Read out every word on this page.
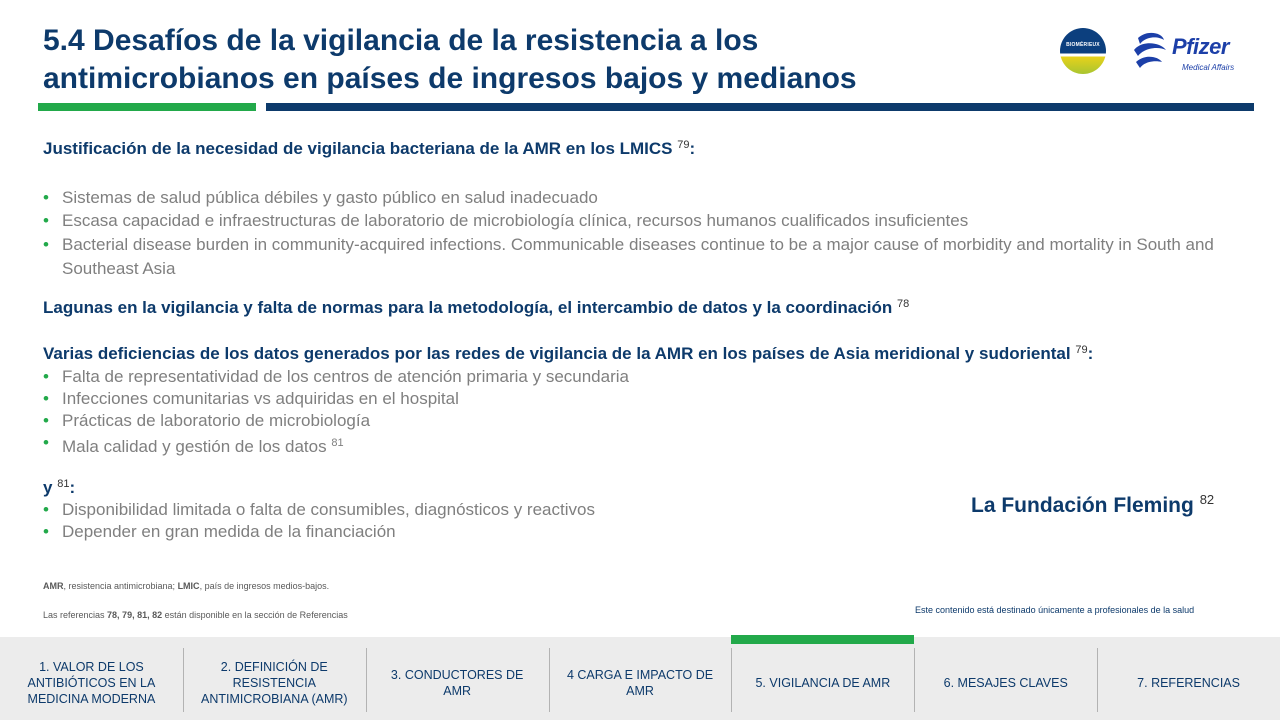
5.4 Desafíos de la vigilancia de la resistencia a los antimicrobianos en países de ingresos bajos y medianos
BIOMÉRIEUX	Pfizer
Medical Affairs
Justificación de la necesidad de vigilancia bacteriana de la AMR en los LMICS $^{79}$:
• Sistemas de salud pública débiles y gasto público en salud inadecuado
• Escasa capacidad e infraestructuras de laboratorio de microbiología clínica, recursos humanos cualificados insuficientes
• Bacterial disease burden in community-acquired infections. Communicable diseases continue to be a major cause of morbidity and mortality in South and Southeast Asia
Lagunas en la vigilancia y falta de normas para la metodología, el intercambio de datos y la coordinación $^{78}$
Varias deficiencias de los datos generados por las redes de vigilancia de la AMR en los países de Asia meridional y sudoriental $^{79}$:
• Falta de representatividad de los centros de atención primaria y secundaria
• Infecciones comunitarias vs adquiridas en el hospital
• Prácticas de laboratorio de microbiología
• Mala calidad y gestión de los datos $^{81}$
y $^{81}$:
• Disponibilidad limitada o falta de consumibles, diagnósticos y reactivos
• Depender en gran medida de la financiación
La Fundación Fleming $^{82}$
AMR, resistencia antimicrobiana; LMIC, país de ingresos medios-bajos.
Las referencias 78, 79, 81, 82 están disponible en la sección de Referencias	Este contenido está destinado únicamente a profesionales de la salud
1. VALOR DE LOS ANTIBIÓTICOS EN LA MEDICINA MODERNA
2. DEFINICIÓN DE RESISTENCIA ANTIMICROBIANA (AMR)
3. CONDUCTORES DE AMR
4 CARGA E IMPACTO DE AMR
5. VIGILANCIA DE AMR	6. MESAJES CLAVES	7. REFERENCIAS
